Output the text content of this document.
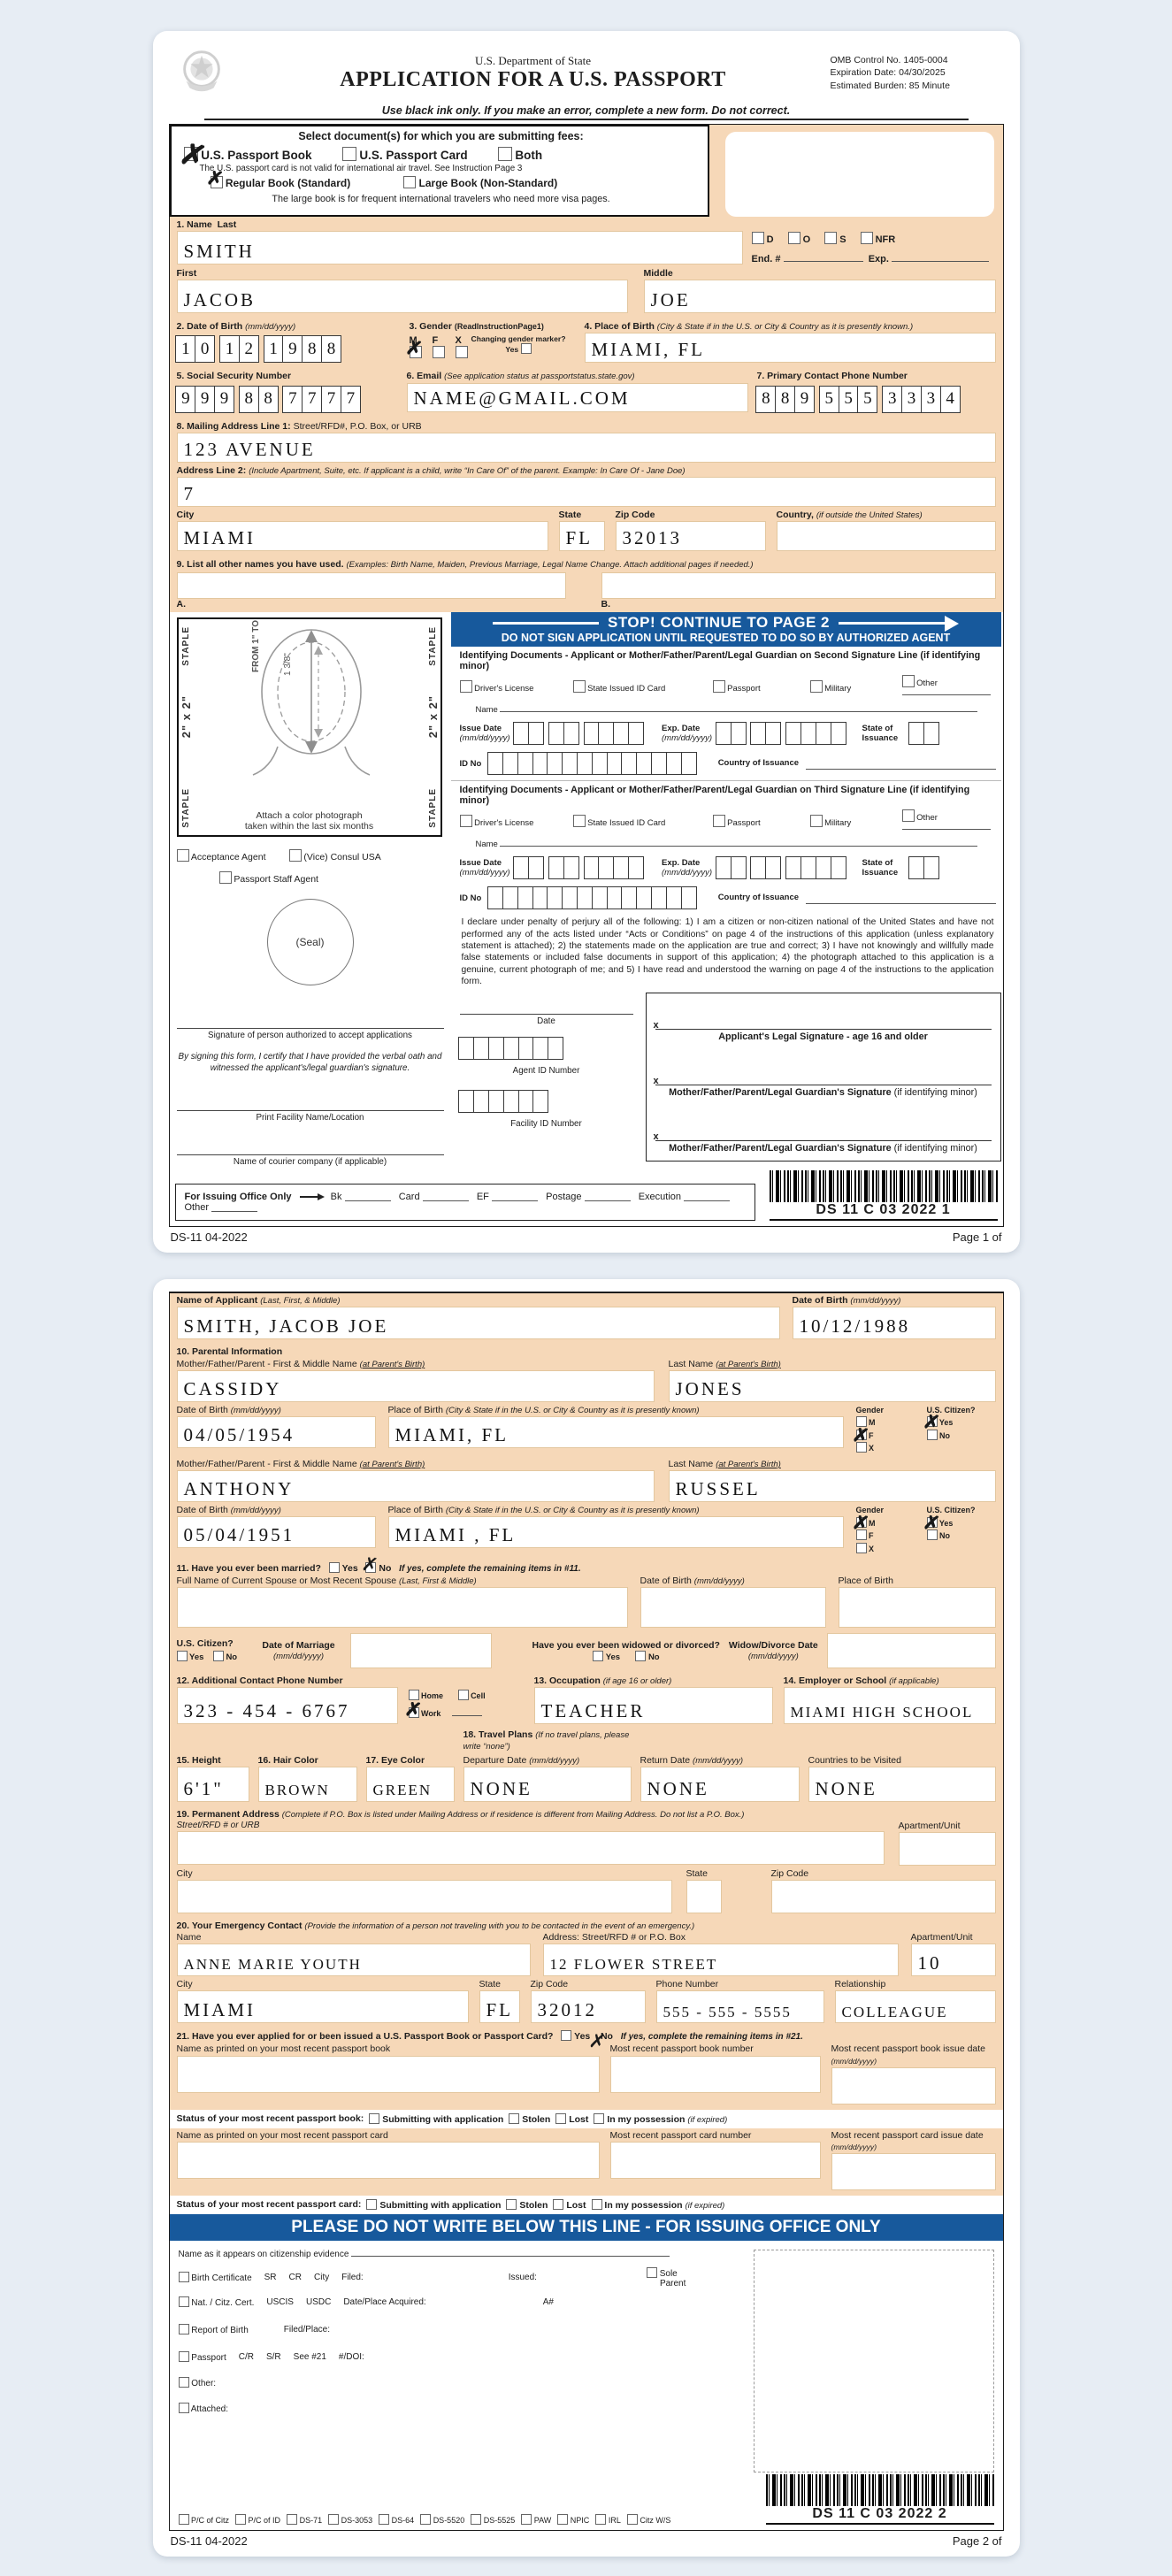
U.S. Department of State
APPLICATION FOR A U.S. PASSPORT
OMB Control No. 1405-0004
Expiration Date: 04/30/2025
Estimated Burden: 85 Minute
Use black ink only. If you make an error, complete a new form. Do not correct.
Select document(s) for which you are submitting fees:
✗
U.S. Passport Book	U.S. Passport Card	Both
The U.S. passport card is not valid for international air travel. See Instruction Page 3
✗
Regular Book (Standard)	Large Book (Non-Standard)
The large book is for frequent international travelers who need more visa pages.
1. Name Last
SMITH
D	O	S	NFR
End. #	Exp.
First
JACOB
Middle
JOE
2. Date of Birth (mm/dd/yyyy)
1 0 1 2 1 9 8 8
3. Gender (ReadInstructionPage1)
M ✗	F	X	Changing gender marker?
Yes
4. Place of Birth (City & State if in the U.S. or City & Country as it is presently known.)
MIAMI, FL
5. Social Security Number
9 9 9 8 8 7 7 7 7
6. Email (See application status at passportstatus.state.gov)
NAME@GMAIL.COM
7. Primary Contact Phone Number
8 8 9 5 5 5 3 3 3 4
8. Mailing Address Line 1: Street/RFD#, P.O. Box, or URB
123 AVENUE
Address Line 2: (Include Apartment, Suite, etc. If applicant is a child, write “In Care Of” of the parent. Example: In Care Of - Jane Doe)
7
City
MIAMI
State
FL
Zip Code
32013
Country, (if outside the United States)
9. List all other names you have used. (Examples: Birth Name, Maiden, Previous Marriage, Legal Name Change. Attach additional pages if needed.)
A.	B.
STAPLE
2" x 2"
STAPLE
STAPLE
2" x 2"
STAPLE
FROM 1" TO	1 3/8"
Attach a color photograph
taken within the last six months
Acceptance Agent	(Vice) Consul USA
Passport Staff Agent
(Seal)
Signature of person authorized to accept applications
By signing this form, I certify that I have provided the verbal oath and witnessed the applicant's/legal guardian's signature.
Print Facility Name/Location
Name of courier company (if applicable)
STOP! CONTINUE TO PAGE 2
DO NOT SIGN APPLICATION UNTIL REQUESTED TO DO SO BY AUTHORIZED AGENT
Identifying Documents - Applicant or Mother/Father/Parent/Legal Guardian on Second Signature Line (if identifying minor)
Driver's License	State Issued ID Card	Passport	Military	Other
Name
Issue Date
(mm/dd/yyyy)
Exp. Date
(mm/dd/yyyy)
State of Issuance
ID No	Country of Issuance
Identifying Documents - Applicant or Mother/Father/Parent/Legal Guardian on Third Signature Line (if identifying minor)
Driver's License	State Issued ID Card	Passport	Military	Other
Name
Issue Date
(mm/dd/yyyy)
Exp. Date
(mm/dd/yyyy)
State of Issuance
ID No	Country of Issuance
I declare under penalty of perjury all of the following: 1) I am a citizen or non-citizen national of the United States and have not performed any of the acts listed under “Acts or Conditions” on page 4 of the instructions of this application (unless explanatory statement is attached); 2) the statements made on the application are true and correct; 3) I have not knowingly and willfully made false statements or included false documents in support of this application; 4) the photograph attached to this application is a genuine, current photograph of me; and 5) I have read and understood the warning on page 4 of the instructions to the application form.
Date
Agent ID Number
Facility ID Number
x
Applicant's Legal Signature - age 16 and older
x
Mother/Father/Parent/Legal Guardian's Signature (if identifying minor)
x
Mother/Father/Parent/Legal Guardian's Signature (if identifying minor)
For Issuing Office Only	Bk	Card	EF	Postage	Execution    Other	DS 11 C 03 2022 1
DS-11 04-2022	Page 1 of
Name of Applicant (Last, First, & Middle)
SMITH, JACOB JOE
Date of Birth (mm/dd/yyyy)
10/12/1988
10. Parental Information
Mother/Father/Parent - First & Middle Name (at Parent's Birth)
CASSIDY
Last Name (at Parent's Birth)
JONES
Date of Birth (mm/dd/yyyy)
04/05/1954
Place of Birth (City & State if in the U.S. or City & Country as it is presently known)
MIAMI, FL
Gender
M
✗
F
X
U.S. Citizen?
✗
Yes
No
Mother/Father/Parent - First & Middle Name (at Parent's Birth)
ANTHONY
Last Name (at Parent's Birth)
RUSSEL
Date of Birth (mm/dd/yyyy)
05/04/1951
Place of Birth (City & State if in the U.S. or City & Country as it is presently known)
MIAMI , FL
Gender
✗
M
F
X
U.S. Citizen?
✗
Yes
No
11. Have you ever been married? Yes ✗ No If yes, complete the remaining items in #11.
Full Name of Current Spouse or Most Recent Spouse (Last, First & Middle)	Date of Birth (mm/dd/yyyy)	Place of Birth
U.S. Citizen?
Yes	No
Date of Marriage
(mm/dd/yyyy)
Have you ever been widowed or divorced?
Yes	No
Widow/Divorce Date
(mm/dd/yyyy)
12. Additional Contact Phone Number
323 - 454 - 6767
Home	Cell
✗
Work
13. Occupation (if age 16 or older)
TEACHER
14. Employer or School (if applicable)
MIAMI HIGH SCHOOL
15. Height
6'1"
16. Hair Color
BROWN
17. Eye Color
GREEN
18. Travel Plans (If no travel plans, please write “none”)
Departure Date (mm/dd/yyyy)
NONE
Return Date (mm/dd/yyyy)
NONE
Countries to be Visited
NONE
19. Permanent Address (Complete if P.O. Box is listed under Mailing Address or if residence is different from Mailing Address. Do not list a P.O. Box.)
Street/RFD # or URB	Apartment/Unit
City	State	Zip Code
20. Your Emergency Contact (Provide the information of a person not traveling with you to be contacted in the event of an emergency.)
Name
ANNE MARIE YOUTH
Address: Street/RFD # or P.O. Box
12 FLOWER STREET
Apartment/Unit
10
City
MIAMI
State
FL
Zip Code
32012
Phone Number
555 - 555 - 5555
Relationship
COLLEAGUE
21. Have you ever applied for or been issued a U.S. Passport Book or Passport Card? Yes ✗ No If yes, complete the remaining items in #21.
Name as printed on your most recent passport book	Most recent passport book number	Most recent passport book issue date (mm/dd/yyyy)
Status of your most recent passport book:	Submitting with application	Stolen	Lost	In my possession (if expired)
Name as printed on your most recent passport card	Most recent passport card number	Most recent passport card issue date (mm/dd/yyyy)
Status of your most recent passport card:	Submitting with application	Stolen	Lost	In my possession (if expired)
PLEASE DO NOT WRITE BELOW THIS LINE - FOR ISSUING OFFICE ONLY
Name as it appears on citizenship evidence
Birth Certificate SR CR City Filed:	Issued:	Sole
Parent
Nat. / Citz. Cert. USCIS USDC Date/Place Acquired:	A#
Report of Birth	Filed/Place:
Passport C/R S/R See #21 #/DOI:
Other:
Attached:
P/C of Citz	P/C of ID	DS-71	DS-3053	DS-64	DS-5520	DS-5525	PAW	NPIC	IRL	Citz W/S	DS 11 C 03 2022 2
DS-11 04-2022	Page 2 of
